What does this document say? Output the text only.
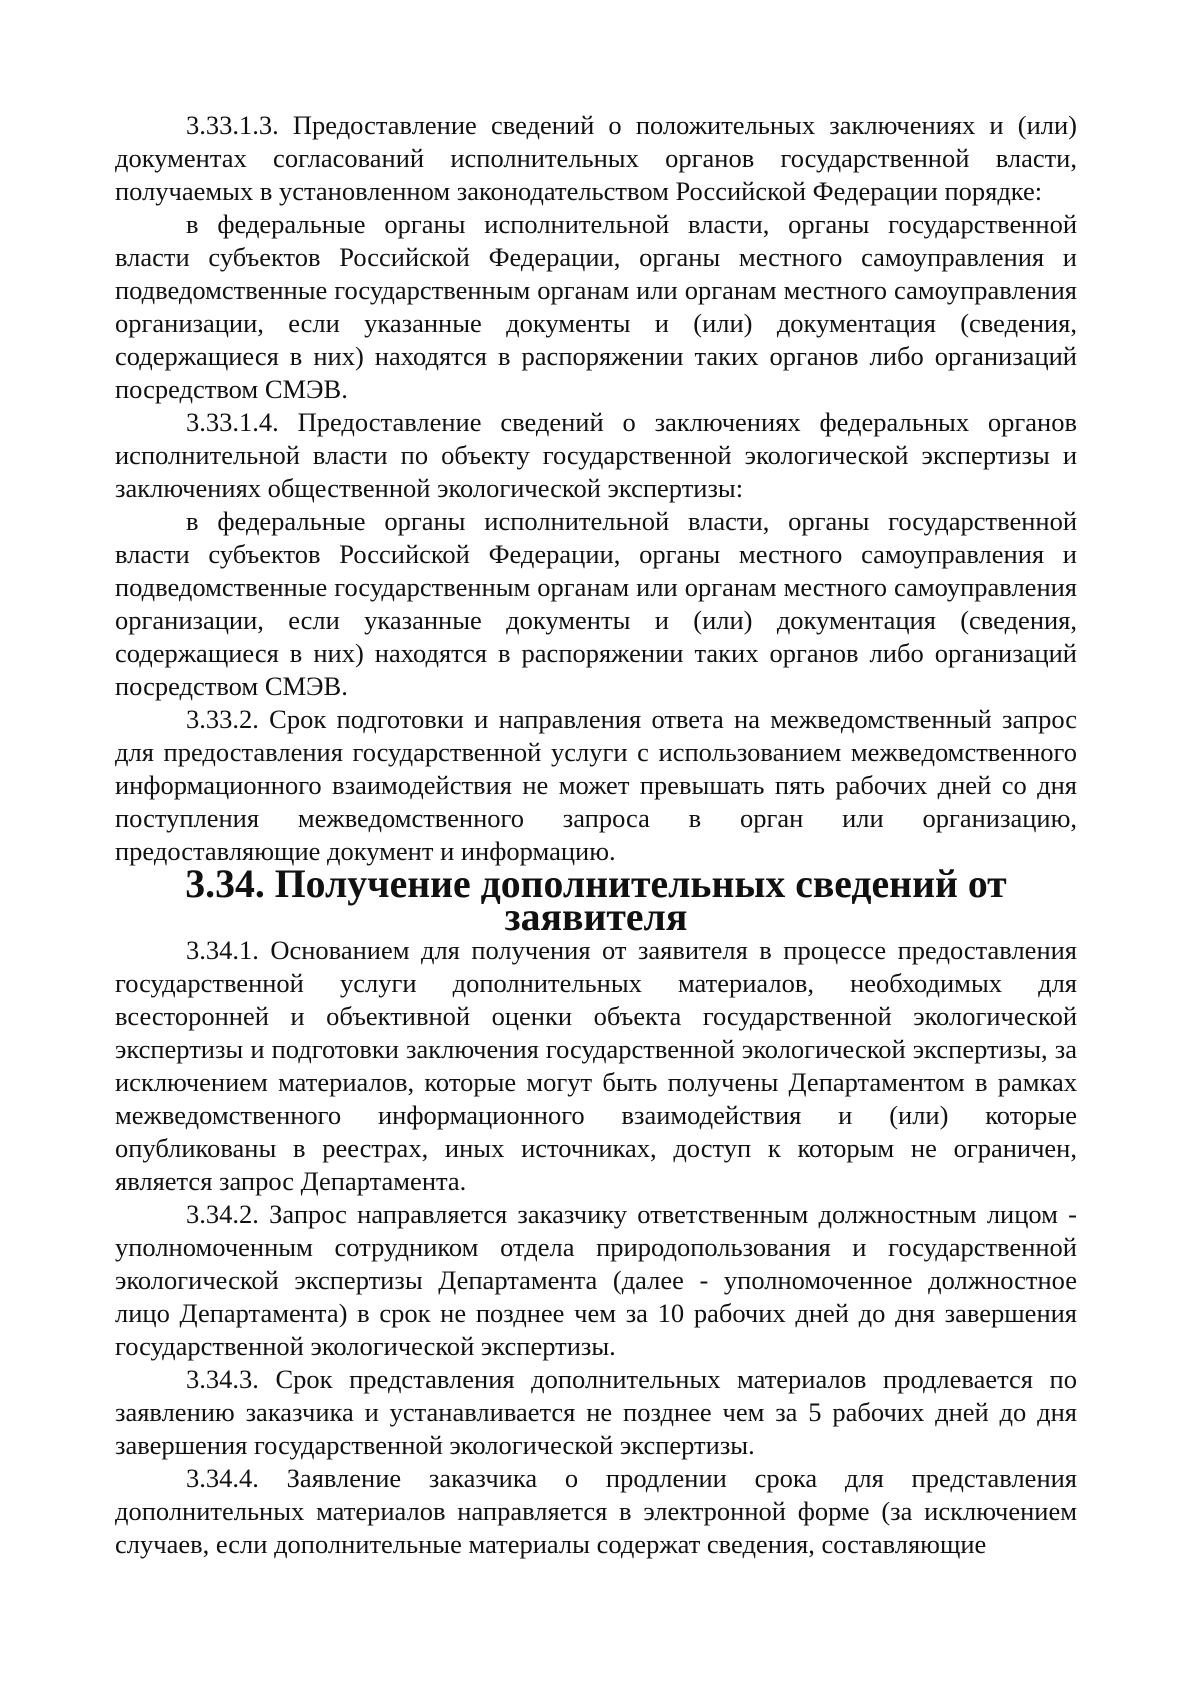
3.33.1.3. Предоставление сведений о положительных заключениях и (или) документах согласований исполнительных органов государственной власти, получаемых в установленном законодательством Российской Федерации порядке:

в федеральные органы исполнительной власти, органы государственной власти субъектов Российской Федерации, органы местного самоуправления и подведомственные государственным органам или органам местного самоуправления организации, если указанные документы и (или) документация (сведения, содержащиеся в них) находятся в распоряжении таких органов либо организаций посредством СМЭВ.

3.33.1.4. Предоставление сведений о заключениях федеральных органов исполнительной власти по объекту государственной экологической экспертизы и заключениях общественной экологической экспертизы:

в федеральные органы исполнительной власти, органы государственной власти субъектов Российской Федерации, органы местного самоуправления и подведомственные государственным органам или органам местного самоуправления организации, если указанные документы и (или) документация (сведения, содержащиеся в них) находятся в распоряжении таких органов либо организаций посредством СМЭВ.

3.33.2. Срок подготовки и направления ответа на межведомственный запрос для предоставления государственной услуги с использованием межведомственного информационного взаимодействия не может превышать пять рабочих дней со дня поступления межведомственного запроса в орган или организацию, предоставляющие документ и информацию.

3.34. Получение дополнительных сведений от заявителя

3.34.1. Основанием для получения от заявителя в процессе предоставления государственной услуги дополнительных материалов, необходимых для всесторонней и объективной оценки объекта государственной экологической экспертизы и подготовки заключения государственной экологической экспертизы, за исключением материалов, которые могут быть получены Департаментом в рамках межведомственного информационного взаимодействия и (или) которые опубликованы в реестрах, иных источниках, доступ к которым не ограничен, является запрос Департамента.

3.34.2. Запрос направляется заказчику ответственным должностным лицом - уполномоченным сотрудником отдела природопользования и государственной экологической экспертизы Департамента (далее - уполномоченное должностное лицо Департамента) в срок не позднее чем за 10 рабочих дней до дня завершения государственной экологической экспертизы.

3.34.3. Срок представления дополнительных материалов продлевается по заявлению заказчика и устанавливается не позднее чем за 5 рабочих дней до дня завершения государственной экологической экспертизы.

3.34.4. Заявление заказчика о продлении срока для представления дополнительных материалов направляется в электронной форме (за исключением случаев, если дополнительные материалы содержат сведения, составляющие
